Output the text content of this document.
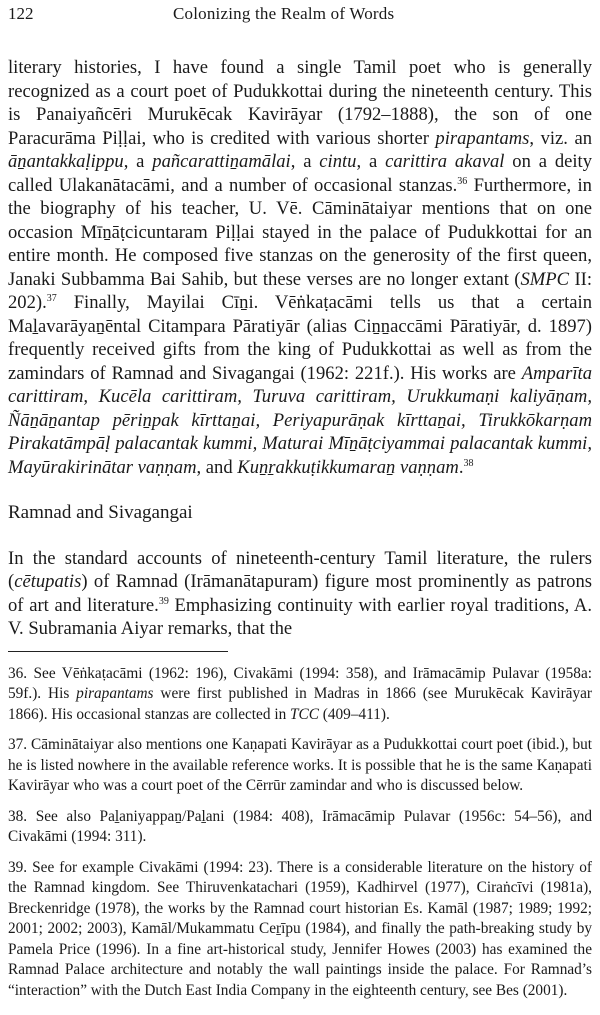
122	Colonizing the Realm of Words

literary histories, I have found a single Tamil poet who is generally recognized as a court poet of Pudukkottai during the nineteenth century. This is Panaiyañcēri Murukēcak Kavirāyar (1792–1888), the son of one Paracurāma Piḷḷai, who is credited with various shorter pirapantams, viz. an āṉantakkaḷippu, a pañcarattiṉamālai, a cintu, a carittira akaval on a deity called Ulakanātacāmi, and a number of occasional stanzas.$^{36}$ Furthermore, in the biography of his teacher, U. Vē. Cāminātaiyar mentions that on one occasion Mīṉāṭcicuntaram Piḷḷai stayed in the palace of Pudukkottai for an entire month. He composed five stanzas on the generosity of the first queen, Janaki Subbamma Bai Sahib, but these verses are no longer extant (SMPC II: 202).$^{37}$ Finally, Mayilai Cīṉi. Vēṅkaṭacāmi tells us that a certain Maḻavarāyaṉēntal Citampara Pāratiyār (alias Ciṉṉaccāmi Pāratiyār, d. 1897) frequently received gifts from the king of Pudukkottai as well as from the zamindars of Ramnad and Sivagangai (1962: 221f.). His works are Amparīta carittiram, Kucēla carittiram, Turuva carittiram, Urukkumaṇi kaliyāṇam, Ñāṉāṉantap pēriṉpak kīrttaṉai, Periyapurāṇak kīrttaṉai, Tirukkōkarṇam Pirakatāmpāḷ palacantak kummi, Maturai Mīṉāṭciyammai palacantak kummi, Mayūrakirinātar vaṇṇam, and Kuṉṟakkuṭikkumaraṉ vaṇṇam.$^{38}$

Ramnad and Sivagangai

In the standard accounts of nineteenth-century Tamil literature, the rulers (cētupatis) of Ramnad (Irāmanātapuram) figure most prominently as patrons of art and literature.$^{39}$ Emphasizing continuity with earlier royal traditions, A. V. Subramania Aiyar remarks, that the

36. See Vēṅkaṭacāmi (1962: 196), Civakāmi (1994: 358), and Irāmacāmip Pulavar (1958a: 59f.). His pirapantams were first published in Madras in 1866 (see Murukēcak Kavirāyar 1866). His occasional stanzas are collected in TCC (409–411).

37. Cāminātaiyar also mentions one Kaṇapati Kavirāyar as a Pudukkottai court poet (ibid.), but he is listed nowhere in the available reference works. It is possible that he is the same Kaṇapati Kavirāyar who was a court poet of the Cērrūr zamindar and who is discussed below.

38. See also Paḻaniyappaṉ/Paḻani (1984: 408), Irāmacāmip Pulavar (1956c: 54–56), and Civakāmi (1994: 311).

39. See for example Civakāmi (1994: 23). There is a considerable literature on the history of the Ramnad kingdom. See Thiruvenkatachari (1959), Kadhirvel (1977), Ciraṅcīvi (1981a), Breckenridge (1978), the works by the Ramnad court historian Es. Kamāl (1987; 1989; 1992; 2001; 2002; 2003), Kamāl/Mukammatu Ceṟīpu (1984), and finally the path-breaking study by Pamela Price (1996). In a fine art-historical study, Jennifer Howes (2003) has examined the Ramnad Palace architecture and notably the wall paintings inside the palace. For Ramnad’s “interaction” with the Dutch East India Company in the eighteenth century, see Bes (2001).
